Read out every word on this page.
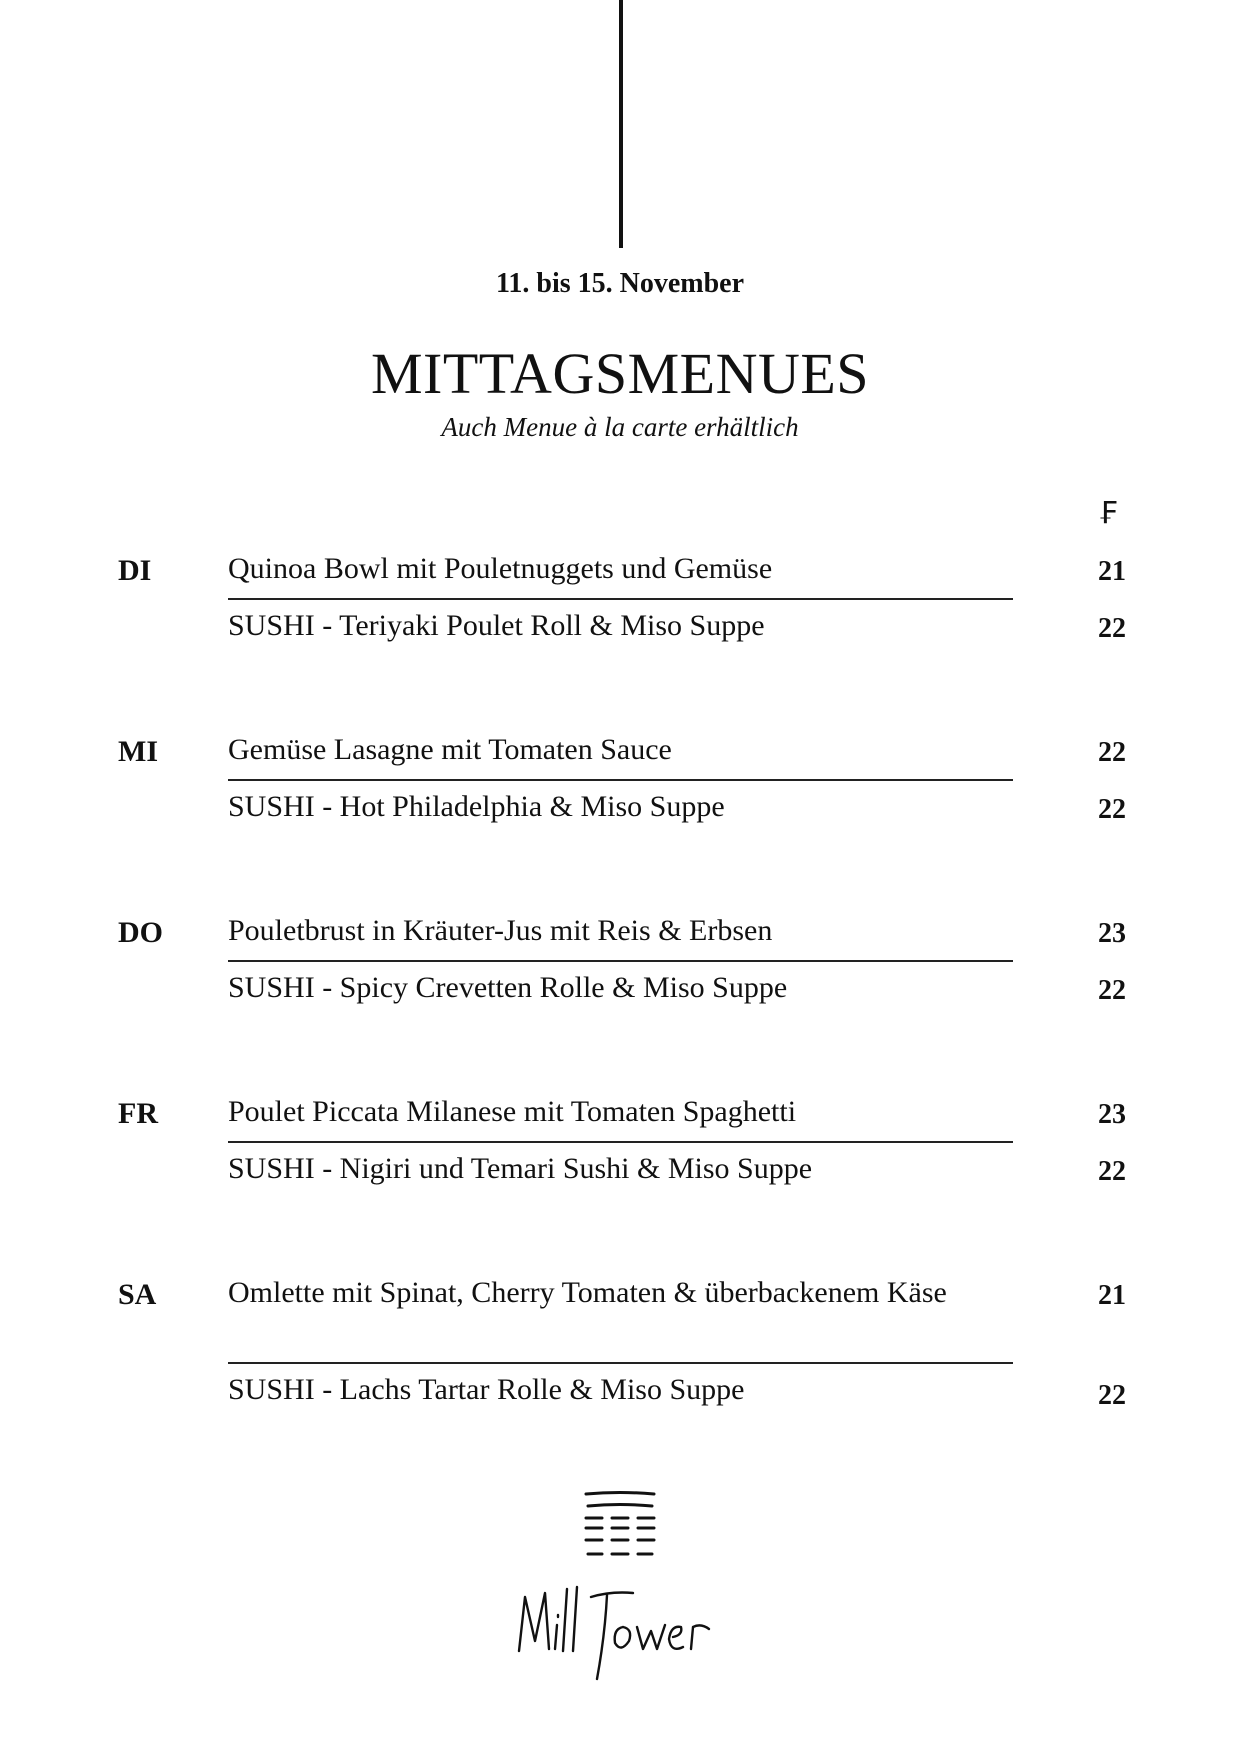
11. bis 15. November
MITTAGSMENUES
Auch Menue à la carte erhältlich
₣
DI	Quinoa Bowl mit Pouletnuggets und Gemüse	21
SUSHI - Teriyaki Poulet Roll & Miso Suppe	22
MI Gemüse Lasagne mit Tomaten Sauce	22
SUSHI - Hot Philadelphia & Miso Suppe	22
DO Pouletbrust in Kräuter-Jus mit Reis & Erbsen	23
SUSHI - Spicy Crevetten Rolle & Miso Suppe	22
FR Poulet Piccata Milanese mit Tomaten Spaghetti	23
SUSHI - Nigiri und Temari Sushi & Miso Suppe	22
SA Omlette mit Spinat, Cherry Tomaten & überbackenem Käse	21
SUSHI - Lachs Tartar Rolle & Miso Suppe	22
